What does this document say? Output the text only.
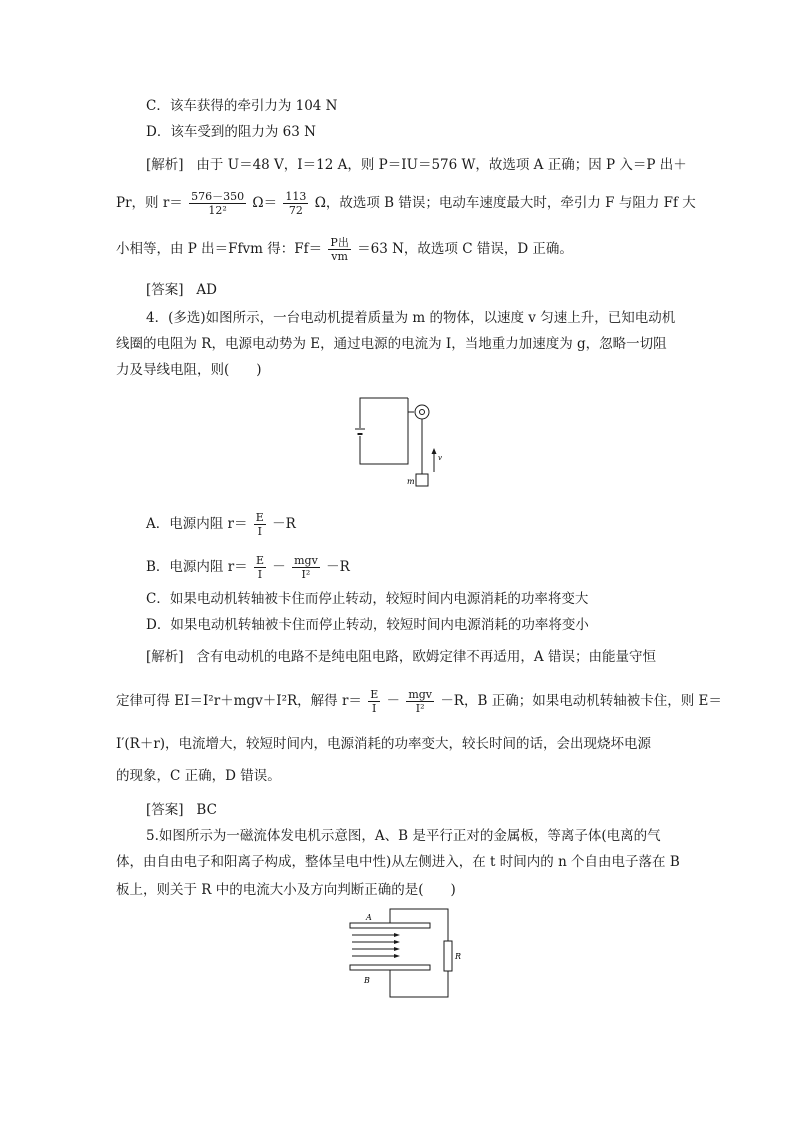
C．该车获得的牵引力为 104 N
D．该车受到的阻力为 63 N
[解析] 由于 U＝48 V，I＝12 A，则 P＝IU＝576 W，故选项 A 正确；因 P 入＝P 出＋
Pr，则 $r= \frac{576-350}{\text{12²}} \Omega= \frac{113}{72}$ Ω，故选项 B 错误；电动车速度最大时，牵引力 F 与阻力 Ff 大
小相等，由 P 出＝Ffvm 得：$Ff= \frac{\text{P出}}{vm} =63$ N，故选项 C 错误，D 正确。
[答案] AD
4．(多选)如图所示，一台电动机提着质量为 m 的物体，以速度 v 匀速上升，已知电动机
线圈的电阻为 R，电源电动势为 E，通过电源的电流为 I，当地重力加速度为 g，忽略一切阻
力及导线电阻，则(　　)
m
v
A．电源内阻 $r= \frac{E}{I} -R$
B．电源内阻 $r= \frac{E}{I} - \frac{\text{mgv}}{\text{I²}} -R$
C．如果电动机转轴被卡住而停止转动，较短时间内电源消耗的功率将变大
D．如果电动机转轴被卡住而停止转动，较短时间内电源消耗的功率将变小
[解析] 含有电动机的电路不是纯电阻电路，欧姆定律不再适用，A 错误；由能量守恒
定律可得 EI＝I²r＋mgv＋I²R，解得 $r= \frac{E}{I} - \frac{\text{mgv}}{\text{I²}} -R$，B 正确；如果电动机转轴被卡住，则 E＝
I′(R＋r)，电流增大，较短时间内，电源消耗的功率变大，较长时间的话，会出现烧坏电源
的现象，C 正确，D 错误。
[答案] BC
5.如图所示为一磁流体发电机示意图，A、B 是平行正对的金属板，等离子体(电离的气
体，由自由电子和阳离子构成，整体呈电中性)从左侧进入，在 t 时间内的 n 个自由电子落在 B
板上，则关于 R 中的电流大小及方向判断正确的是(　　)
A
B
R
